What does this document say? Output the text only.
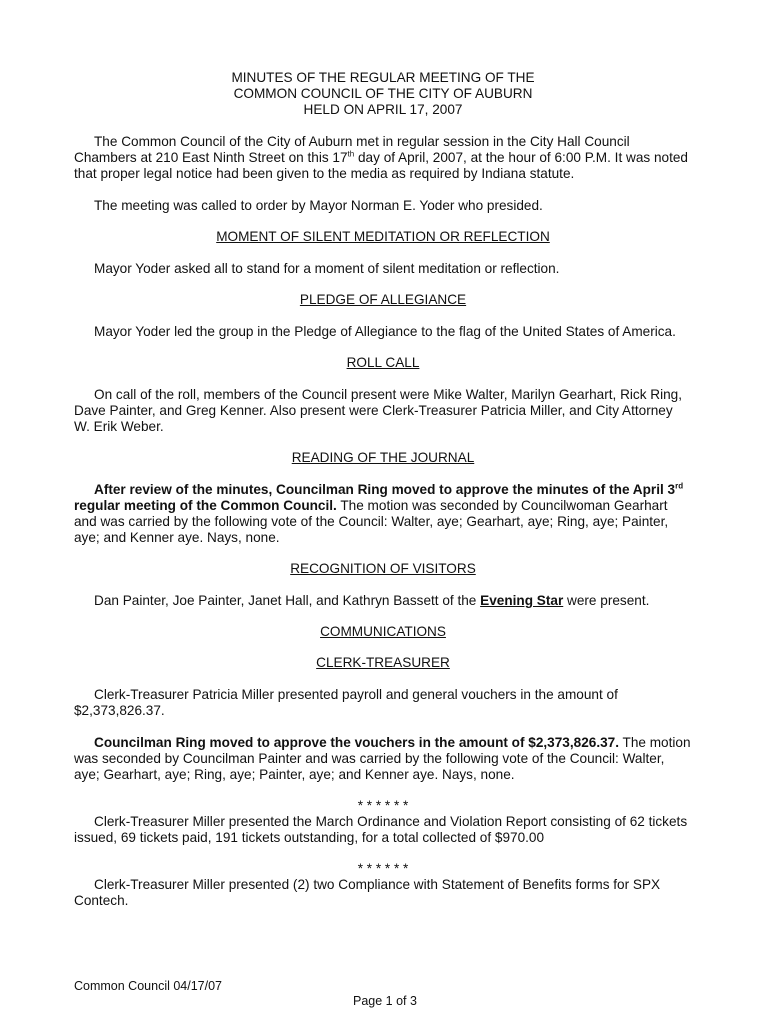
MINUTES OF THE REGULAR MEETING OF THE
COMMON COUNCIL OF THE CITY OF AUBURN
HELD ON APRIL 17, 2007

The Common Council of the City of Auburn met in regular session in the City Hall Council Chambers at 210 East Ninth Street on this 17th day of April, 2007, at the hour of 6:00 P.M. It was noted that proper legal notice had been given to the media as required by Indiana statute.

The meeting was called to order by Mayor Norman E. Yoder who presided.

MOMENT OF SILENT MEDITATION OR REFLECTION

Mayor Yoder asked all to stand for a moment of silent meditation or reflection.

PLEDGE OF ALLEGIANCE

Mayor Yoder led the group in the Pledge of Allegiance to the flag of the United States of America.

ROLL CALL

On call of the roll, members of the Council present were Mike Walter, Marilyn Gearhart, Rick Ring, Dave Painter, and Greg Kenner. Also present were Clerk-Treasurer Patricia Miller, and City Attorney W. Erik Weber.

READING OF THE JOURNAL

After review of the minutes, Councilman Ring moved to approve the minutes of the April 3rd regular meeting of the Common Council. The motion was seconded by Councilwoman Gearhart and was carried by the following vote of the Council: Walter, aye; Gearhart, aye; Ring, aye; Painter, aye; and Kenner aye. Nays, none.

RECOGNITION OF VISITORS

Dan Painter, Joe Painter, Janet Hall, and Kathryn Bassett of the Evening Star were present.

COMMUNICATIONS
CLERK-TREASURER

Clerk-Treasurer Patricia Miller presented payroll and general vouchers in the amount of $2,373,826.37.

Councilman Ring moved to approve the vouchers in the amount of $2,373,826.37. The motion was seconded by Councilman Painter and was carried by the following vote of the Council: Walter, aye; Gearhart, aye; Ring, aye; Painter, aye; and Kenner aye. Nays, none.

* * * * * *

Clerk-Treasurer Miller presented the March Ordinance and Violation Report consisting of 62 tickets issued, 69 tickets paid, 191 tickets outstanding, for a total collected of $970.00

* * * * * *

Clerk-Treasurer Miller presented (2) two Compliance with Statement of Benefits forms for SPX Contech.

Common Council 04/17/07
Page 1 of 3
